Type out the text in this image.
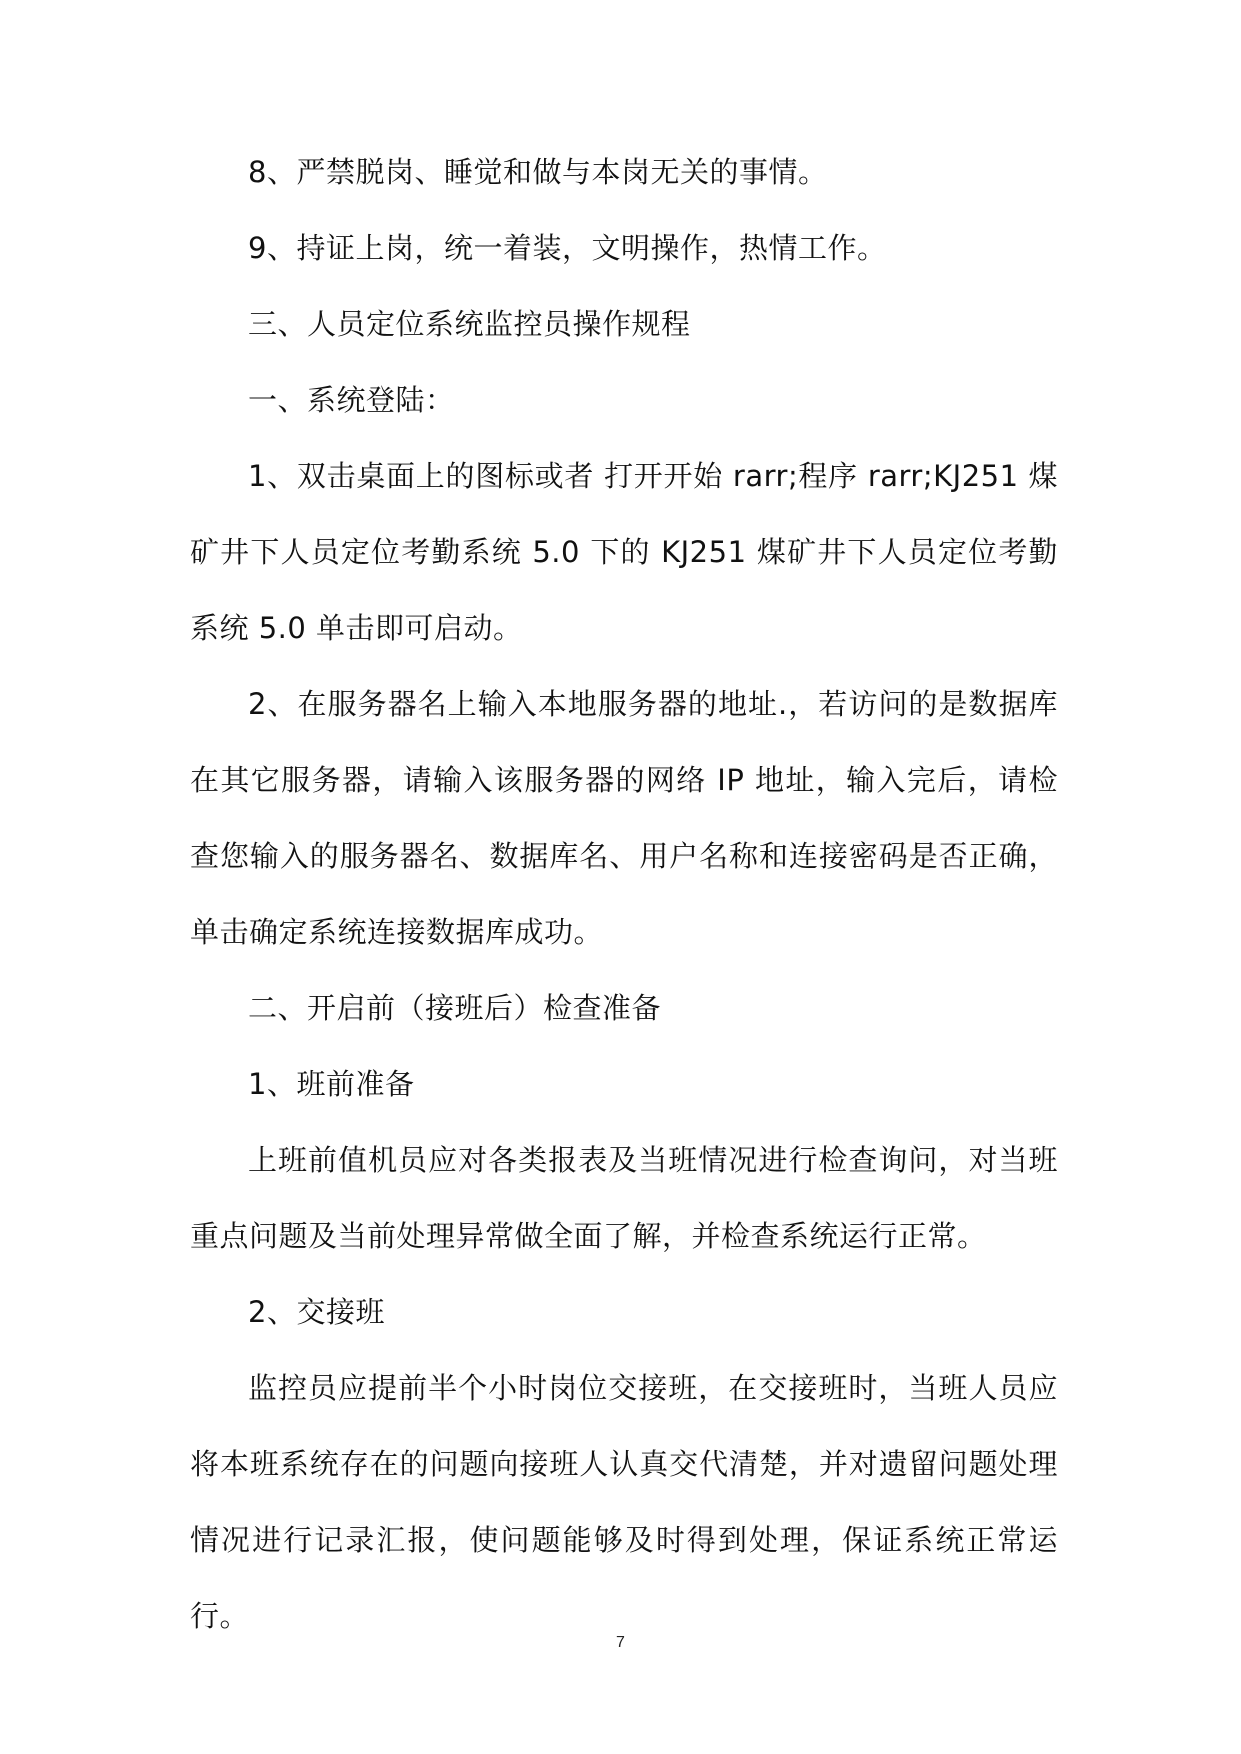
8、严禁脱岗、睡觉和做与本岗无关的事情。

9、持证上岗，统一着装，文明操作，热情工作。

三、人员定位系统监控员操作规程

一、系统登陆：

1、双击桌面上的图标或者 打开开始 rarr;程序 rarr;KJ251 煤矿井下人员定位考勤系统 5.0 下的 KJ251 煤矿井下人员定位考勤系统 5.0 单击即可启动。

2、在服务器名上输入本地服务器的地址.，若访问的是数据库在其它服务器，请输入该服务器的网络 IP 地址，输入完后，请检查您输入的服务器名、数据库名、用户名称和连接密码是否正确，单击确定系统连接数据库成功。

二、开启前（接班后）检查准备

1、班前准备

上班前值机员应对各类报表及当班情况进行检查询问，对当班重点问题及当前处理异常做全面了解，并检查系统运行正常。

2、交接班

监控员应提前半个小时岗位交接班，在交接班时，当班人员应将本班系统存在的问题向接班人认真交代清楚，并对遗留问题处理情况进行记录汇报，使问题能够及时得到处理，保证系统正常运行。

7
